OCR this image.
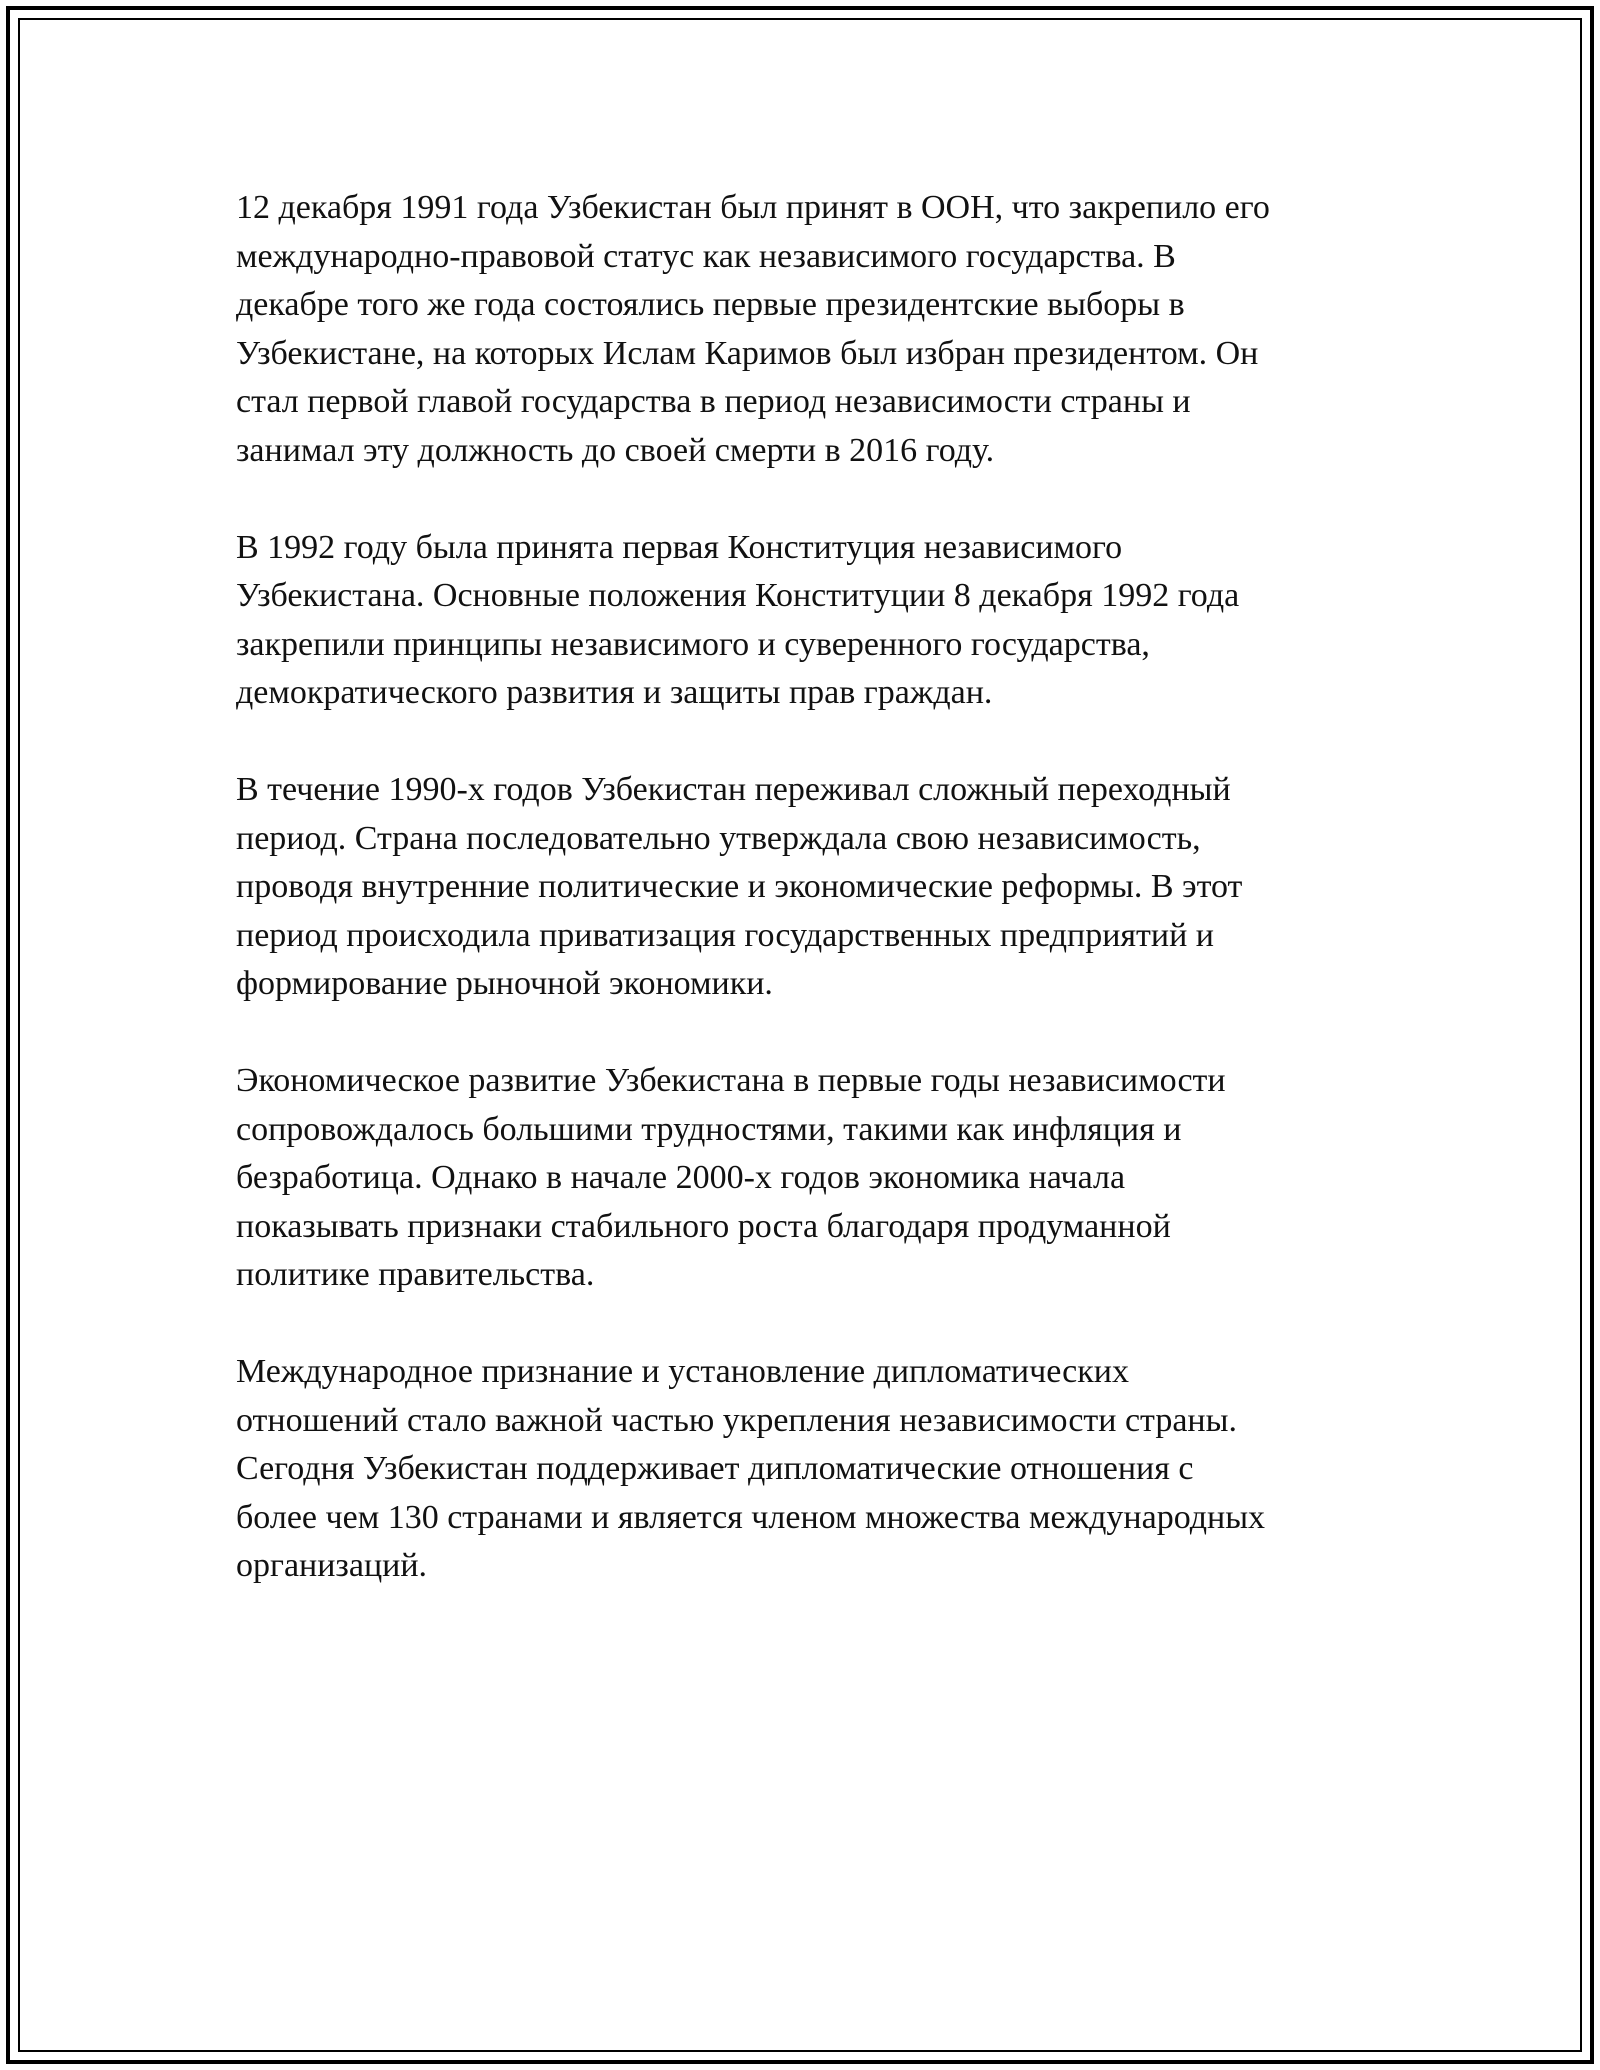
12 декабря 1991 года Узбекистан был принят в ООН, что закрепило его
международно-правовой статус как независимого государства. В
декабре того же года состоялись первые президентские выборы в
Узбекистане, на которых Ислам Каримов был избран президентом. Он
стал первой главой государства в период независимости страны и
занимал эту должность до своей смерти в 2016 году.

В 1992 году была принята первая Конституция независимого
Узбекистана. Основные положения Конституции 8 декабря 1992 года
закрепили принципы независимого и суверенного государства,
демократического развития и защиты прав граждан.

В течение 1990-х годов Узбекистан переживал сложный переходный
период. Страна последовательно утверждала свою независимость,
проводя внутренние политические и экономические реформы. В этот
период происходила приватизация государственных предприятий и
формирование рыночной экономики.

Экономическое развитие Узбекистана в первые годы независимости
сопровождалось большими трудностями, такими как инфляция и
безработица. Однако в начале 2000-х годов экономика начала
показывать признаки стабильного роста благодаря продуманной
политике правительства.

Международное признание и установление дипломатических
отношений стало важной частью укрепления независимости страны.
Сегодня Узбекистан поддерживает дипломатические отношения с
более чем 130 странами и является членом множества международных
организаций.
